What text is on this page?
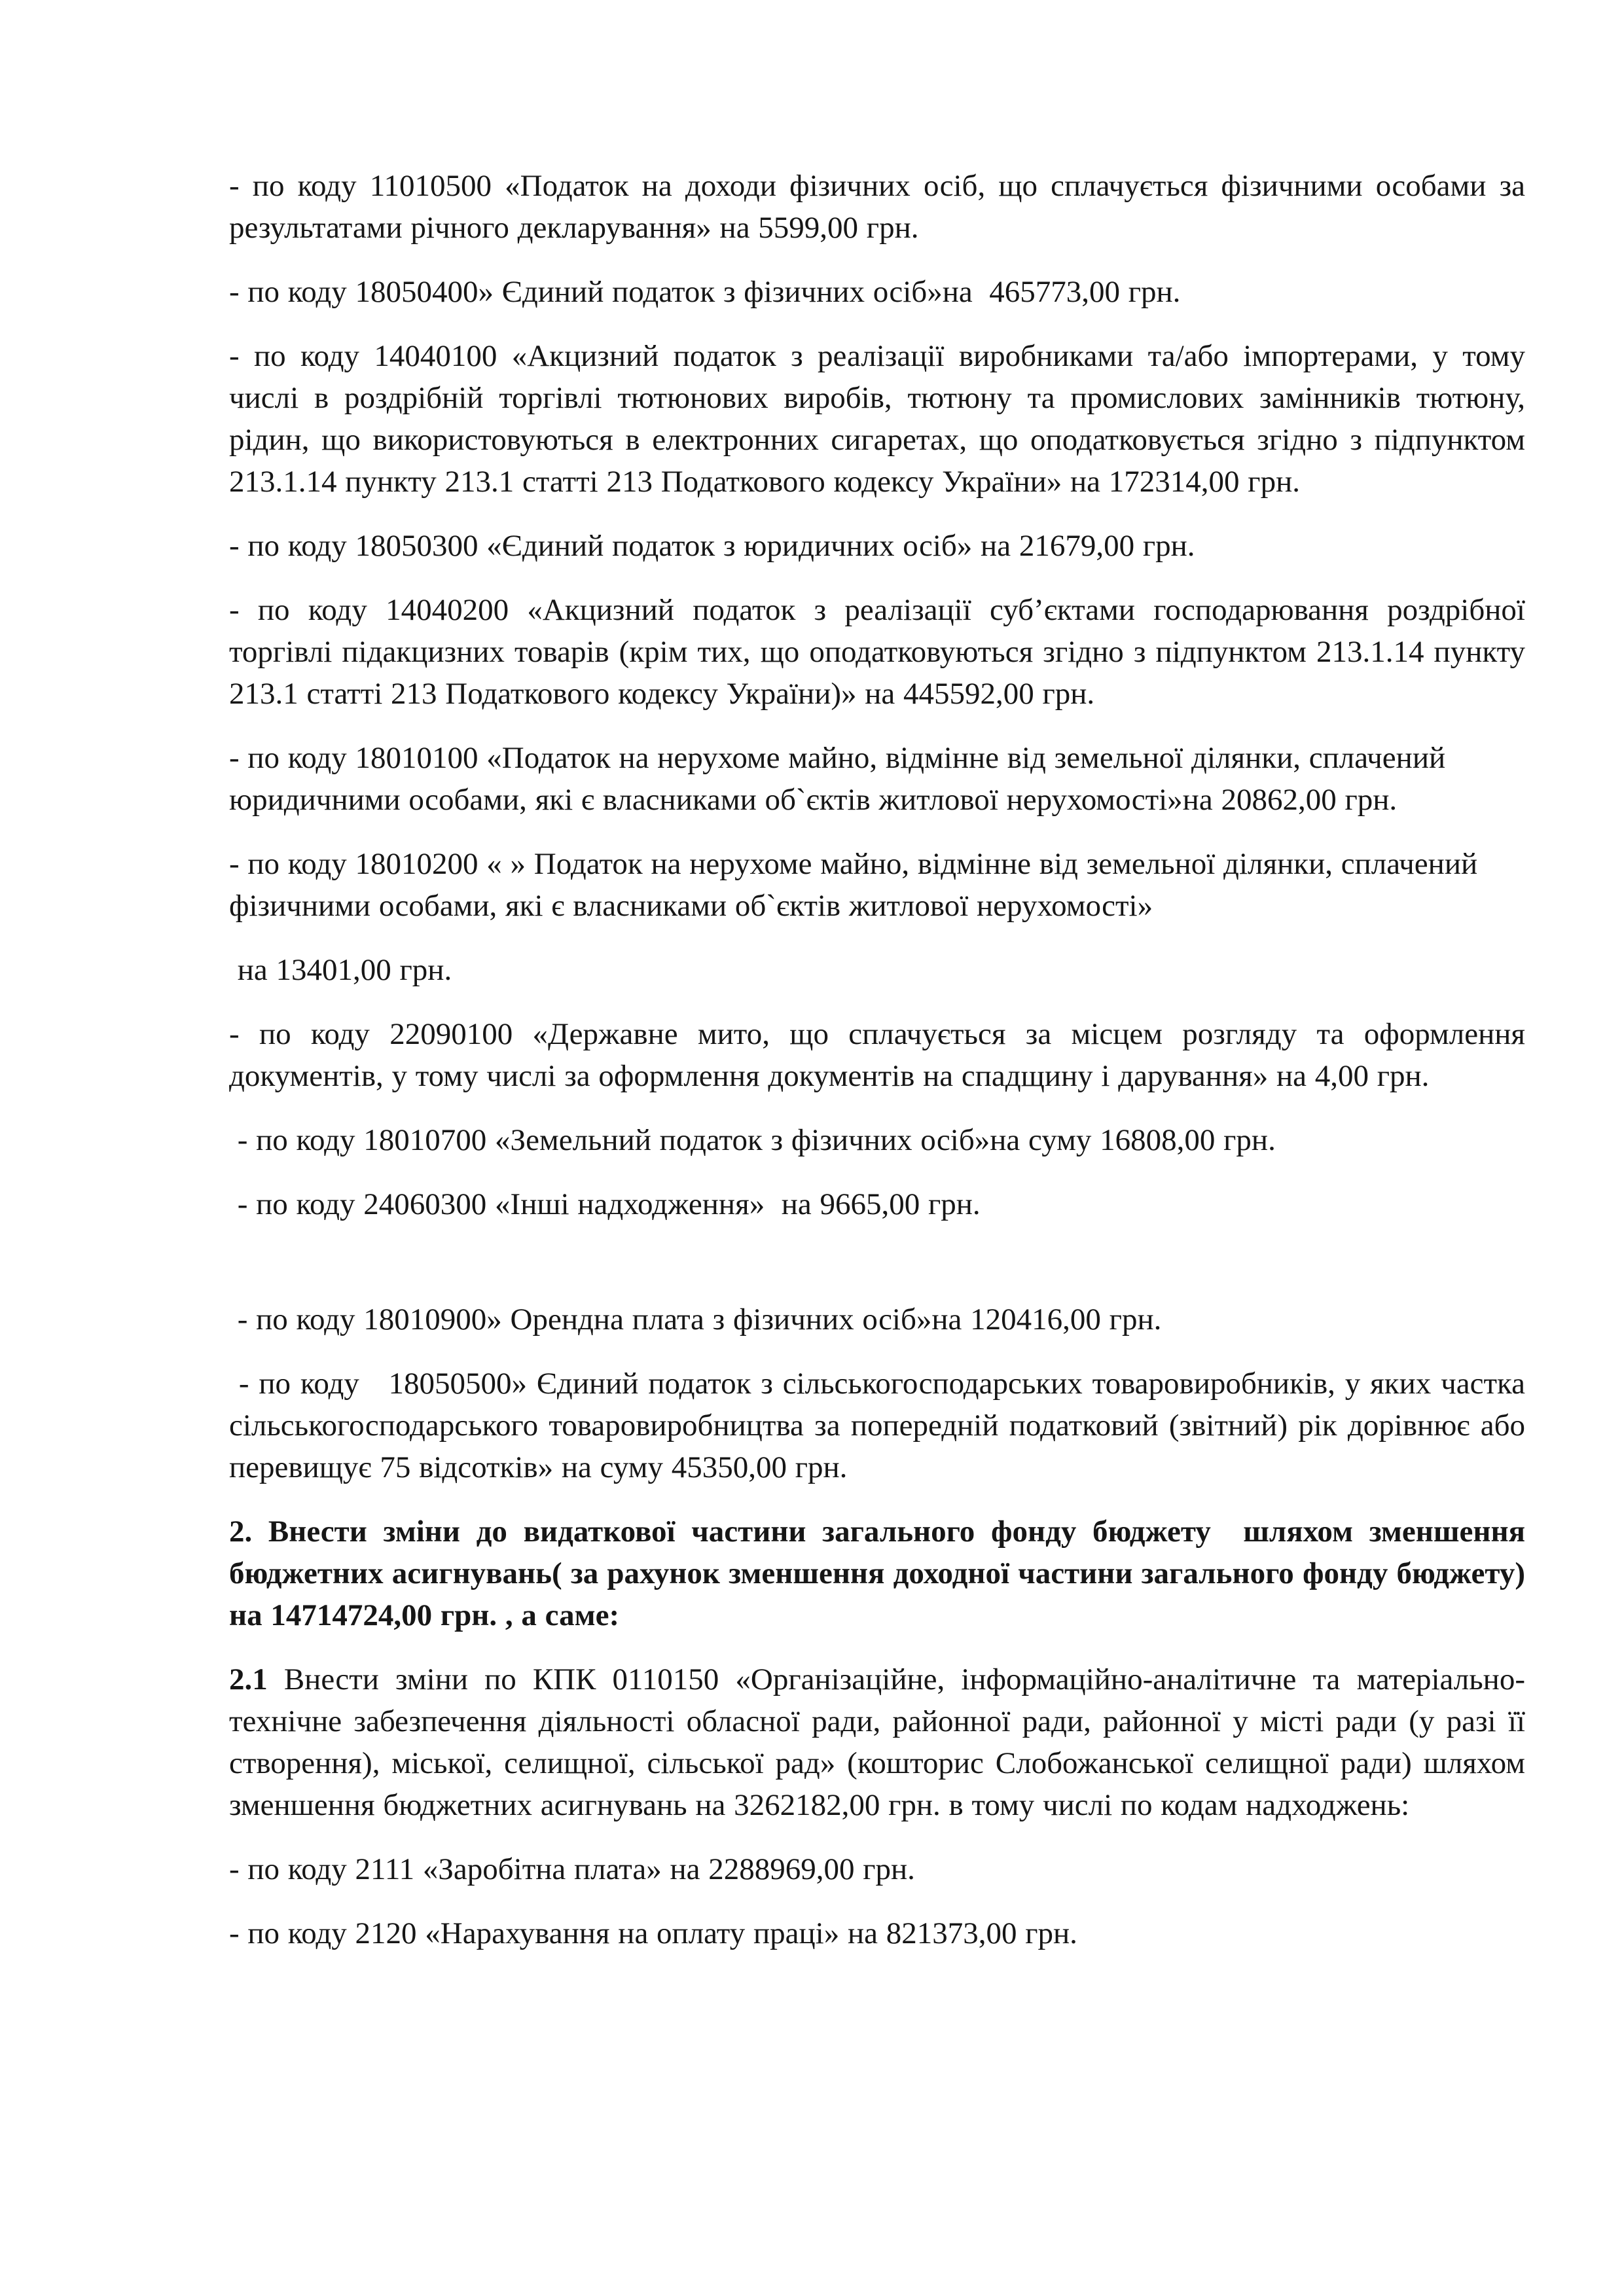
- по коду 11010500 «Податок на доходи фізичних осіб, що сплачується фізичними особами за результатами річного декларування» на 5599,00 грн.

- по коду 18050400» Єдиний податок з фізичних осіб»на  465773,00 грн.

- по коду 14040100 «Акцизний податок з реалізації виробниками та/або імпортерами, у тому числі в роздрібній торгівлі тютюнових виробів, тютюну та промислових замінників тютюну, рідин, що використовуються в електронних сигаретах, що оподатковується згідно з підпунктом 213.1.14 пункту 213.1 статті 213 Податкового кодексу України» на 172314,00 грн.

- по коду 18050300 «Єдиний податок з юридичних осіб» на 21679,00 грн.

- по коду 14040200 «Акцизний податок з реалізації суб’єктами господарювання роздрібної торгівлі підакцизних товарів (крім тих, що оподатковуються згідно з підпунктом 213.1.14 пункту 213.1 статті 213 Податкового кодексу України)» на 445592,00 грн.

- по коду 18010100 «Податок на нерухоме майно, відмінне від земельної ділянки, сплачений юридичними особами, які є власниками об`єктів житлової нерухомості»на 20862,00 грн.

- по коду 18010200 « » Податок на нерухоме майно, відмінне від земельної ділянки, сплачений фізичними особами, які є власниками об`єктів житлової нерухомості»

на 13401,00 грн.

- по коду 22090100 «Державне мито, що сплачується за місцем розгляду та оформлення документів, у тому числі за оформлення документів на спадщину і дарування» на 4,00 грн.

- по коду 18010700 «Земельний податок з фізичних осіб»на суму 16808,00 грн.

- по коду 24060300 «Інші надходження»  на 9665,00 грн.

- по коду 18010900» Орендна плата з фізичних осіб»на 120416,00 грн.

- по коду   18050500» Єдиний податок з сільськогосподарських товаровиробників, у яких частка сільськогосподарського товаровиробництва за попередній податковий (звітний) рік дорівнює або перевищує 75 відсотків» на суму 45350,00 грн.

2. Внести зміни до видаткової частини загального фонду бюджету  шляхом зменшення бюджетних асигнувань( за рахунок зменшення доходної частини загального фонду бюджету)  на 14714724,00 грн. , а саме:

2.1 Внести зміни по КПК 0110150 «Організаційне, інформаційно-аналітичне та матеріально-технічне забезпечення діяльності обласної ради, районної ради, районної у місті ради (у разі її створення), міської, селищної, сільської рад» (кошторис Слобожанської селищної ради) шляхом зменшення бюджетних асигнувань на 3262182,00 грн. в тому числі по кодам надходжень:

- по коду 2111 «Заробітна плата» на 2288969,00 грн.

- по коду 2120 «Нарахування на оплату праці» на 821373,00 грн.
